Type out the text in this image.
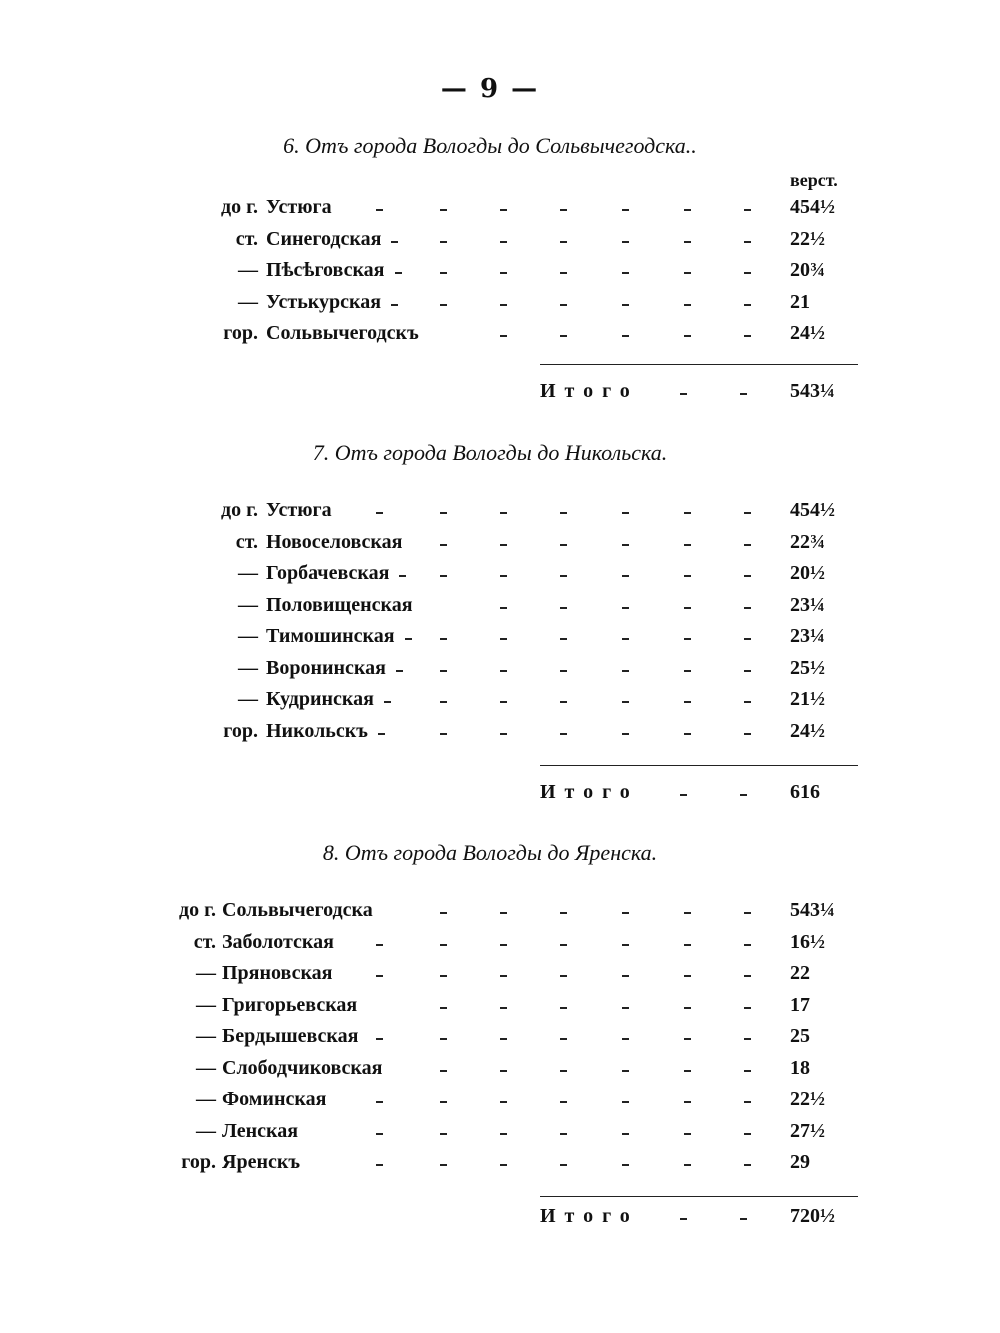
— 9 —
верст.
6. Отъ города Вологды до Сольвычегодска..
7. Отъ города Вологды до Никольска.
8. Отъ города Вологды до Яренска.
до г. Устюга	454½
ст. Синегодская	22½
— Пѣсѣговская	20¾
— Устькурская	21
гор. Сольвычегодскъ	24½
Итого	543¼
до г. Устюга	454½
ст. Новоселовская	22¾
— Горбачевская	20½
— Половищенская	23¼
— Тимошинская	23¼
— Воронинская	25½
— Кудринская	21½
гор. Никольскъ	24½
Итого	616
до г. Сольвычегодска	543¼
ст. Заболотская	16½
— Пряновская	22
— Григорьевская	17
— Бердышевская	25
— Слободчиковская	18
— Фоминская	22½
— Ленская	27½
гор. Яренскъ	29
Итого	720½
